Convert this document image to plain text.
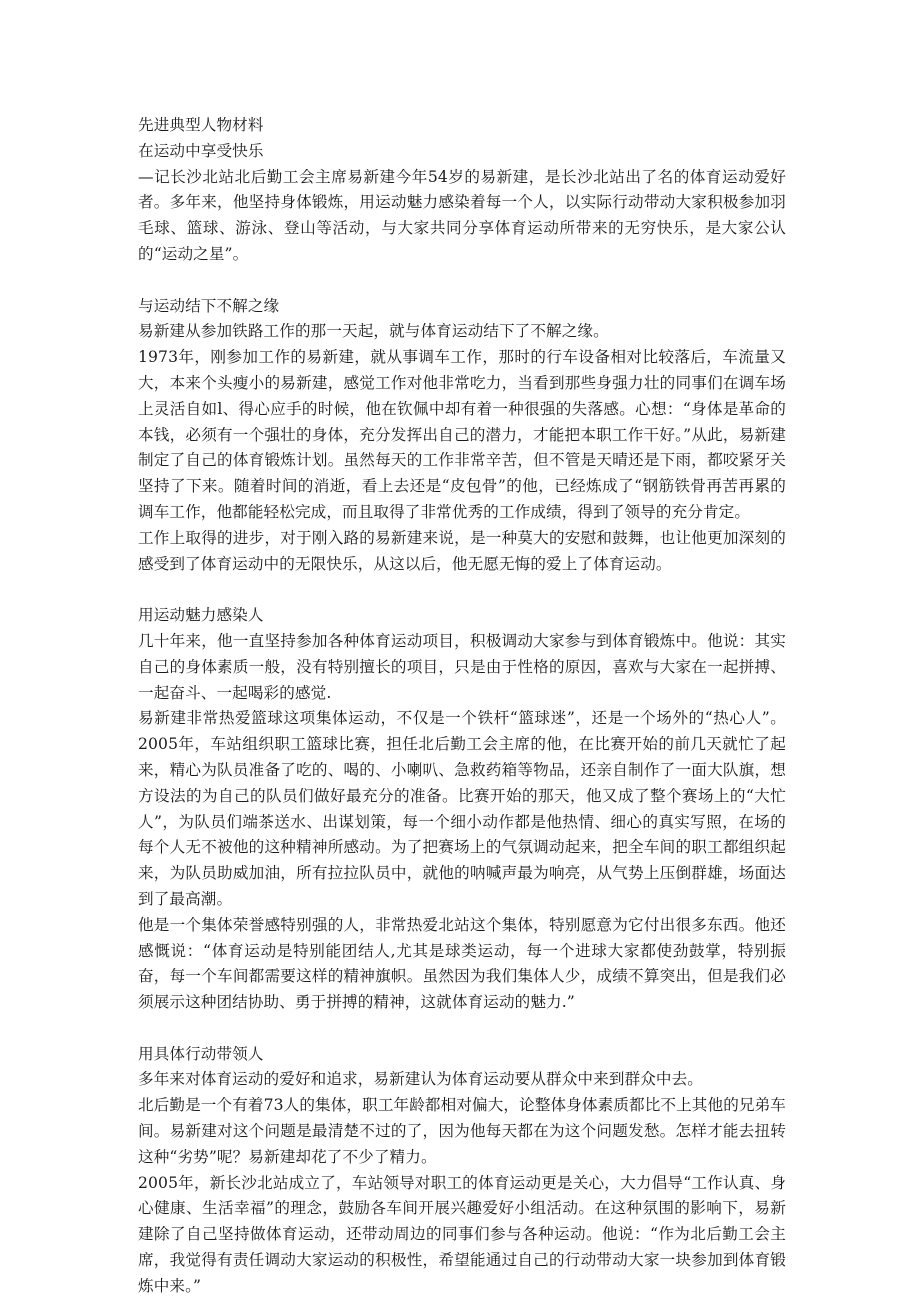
先进典型人物材料

在运动中享受快乐

—记长沙北站北后勤工会主席易新建今年54岁的易新建，是长沙北站出了名的体育运动爱好者。多年来，他坚持身体锻炼，用运动魅力感染着每一个人，以实际行动带动大家积极参加羽毛球、篮球、游泳、登山等活动，与大家共同分享体育运动所带来的无穷快乐，是大家公认的“运动之星”。

与运动结下不解之缘

易新建从参加铁路工作的那一天起，就与体育运动结下了不解之缘。

1973年，刚参加工作的易新建，就从事调车工作，那时的行车设备相对比较落后，车流量又大，本来个头瘦小的易新建，感觉工作对他非常吃力，当看到那些身强力壮的同事们在调车场上灵活自如l、得心应手的时候，他在钦佩中却有着一种很强的失落感。心想：“身体是革命的本钱，必须有一个强壮的身体，充分发挥出自己的潜力，才能把本职工作干好。”从此，易新建制定了自己的体育锻炼计划。虽然每天的工作非常辛苦，但不管是天晴还是下雨，都咬紧牙关坚持了下来。随着时间的消逝，看上去还是“皮包骨”的他，已经炼成了“钢筋铁骨再苦再累的调车工作，他都能轻松完成，而且取得了非常优秀的工作成绩，得到了领导的充分肯定。

工作上取得的进步，对于刚入路的易新建来说，是一种莫大的安慰和鼓舞，也让他更加深刻的感受到了体育运动中的无限快乐，从这以后，他无愿无悔的爱上了体育运动。

用运动魅力感染人

几十年来，他一直坚持参加各种体育运动项目，积极调动大家参与到体育锻炼中。他说：其实自己的身体素质一般，没有特别擅长的项目，只是由于性格的原因，喜欢与大家在一起拼搏、一起奋斗、一起喝彩的感觉.

易新建非常热爱篮球这项集体运动，不仅是一个铁杆“篮球迷”，还是一个场外的“热心人”。2005年，车站组织职工篮球比赛，担任北后勤工会主席的他，在比赛开始的前几天就忙了起来，精心为队员准备了吃的、喝的、小喇叭、急救药箱等物品，还亲自制作了一面大队旗，想方设法的为自己的队员们做好最充分的准备。比赛开始的那天，他又成了整个赛场上的“大忙人”，为队员们端茶送水、出谋划策，每一个细小动作都是他热情、细心的真实写照，在场的每个人无不被他的这种精神所感动。为了把赛场上的气氛调动起来，把全车间的职工都组织起来，为队员助威加油，所有拉拉队员中，就他的呐喊声最为响亮，从气势上压倒群雄，场面达到了最高潮。

他是一个集体荣誉感特别强的人，非常热爱北站这个集体，特别愿意为它付出很多东西。他还感慨说：“体育运动是特别能团结人,尤其是球类运动，每一个进球大家都使劲鼓掌，特别振奋，每一个车间都需要这样的精神旗帜。虽然因为我们集体人少，成绩不算突出，但是我们必须展示这种团结协助、勇于拼搏的精神，这就体育运动的魅力.”

用具体行动带领人

多年来对体育运动的爱好和追求，易新建认为体育运动要从群众中来到群众中去。

北后勤是一个有着73人的集体，职工年龄都相对偏大，论整体身体素质都比不上其他的兄弟车间。易新建对这个问题是最清楚不过的了，因为他每天都在为这个问题发愁。怎样才能去扭转这种“劣势”呢？易新建却花了不少了精力。

2005年，新长沙北站成立了，车站领导对职工的体育运动更是关心，大力倡导“工作认真、身心健康、生活幸福”的理念，鼓励各车间开展兴趣爱好小组活动。在这种氛围的影响下，易新建除了自己坚持做体育运动，还带动周边的同事们参与各种运动。他说：“作为北后勤工会主席，我觉得有责任调动大家运动的积极性，希望能通过自己的行动带动大家一块参加到体育锻炼中来。”
